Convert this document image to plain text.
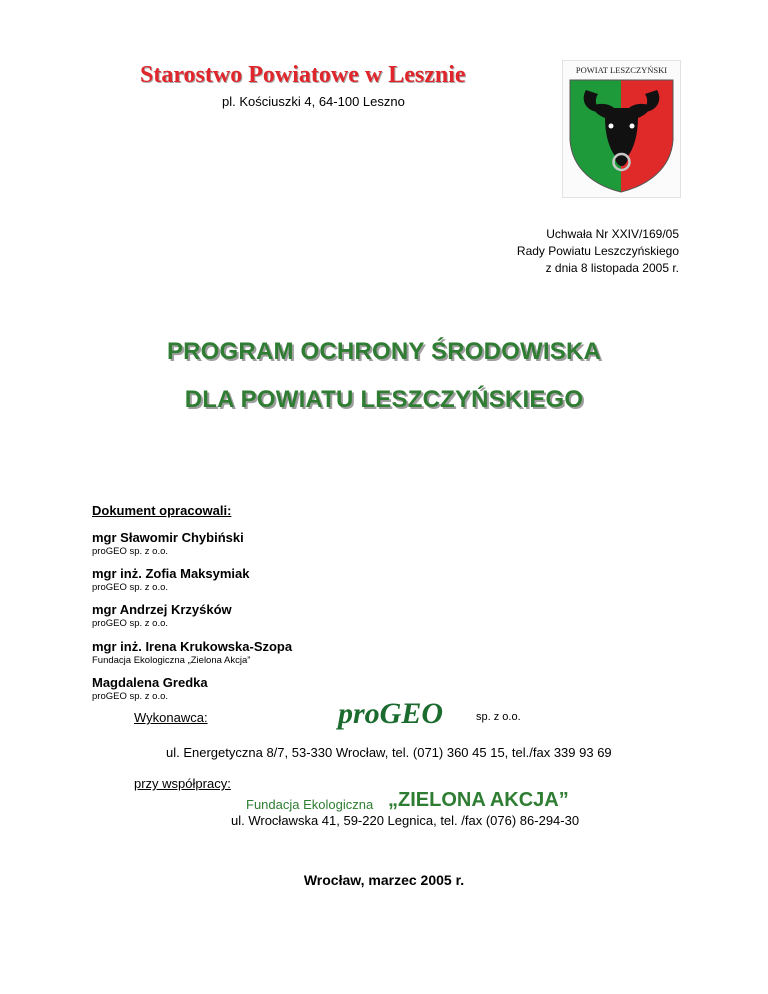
Starostwo Powiatowe w Lesznie
pl. Kościuszki 4, 64-100 Leszno
POWIAT LESZCZYŃSKI
Uchwała Nr XXIV/169/05
Rady Powiatu Leszczyńskiego
z dnia 8 listopada 2005 r.
PROGRAM OCHRONY ŚRODOWISKA
DLA POWIATU LESZCZYŃSKIEGO
Dokument opracowali:
mgr Sławomir Chybiński
proGEO sp. z o.o.
mgr inż. Zofia Maksymiak
proGEO sp. z o.o.
mgr Andrzej Krzyśków
proGEO sp. z o.o.
mgr inż. Irena Krukowska-Szopa
Fundacja Ekologiczna „Zielona Akcja”
Magdalena Gredka
proGEO sp. z o.o.
Wykonawca:	proGEO	sp. z o.o.
ul. Energetyczna 8/7, 53-330 Wrocław, tel. (071) 360 45 15, tel./fax 339 93 69
przy współpracy:
Fundacja Ekologiczna „ZIELONA AKCJA”
ul. Wrocławska 41, 59-220 Legnica, tel. /fax (076) 86-294-30
Wrocław, marzec 2005 r.
